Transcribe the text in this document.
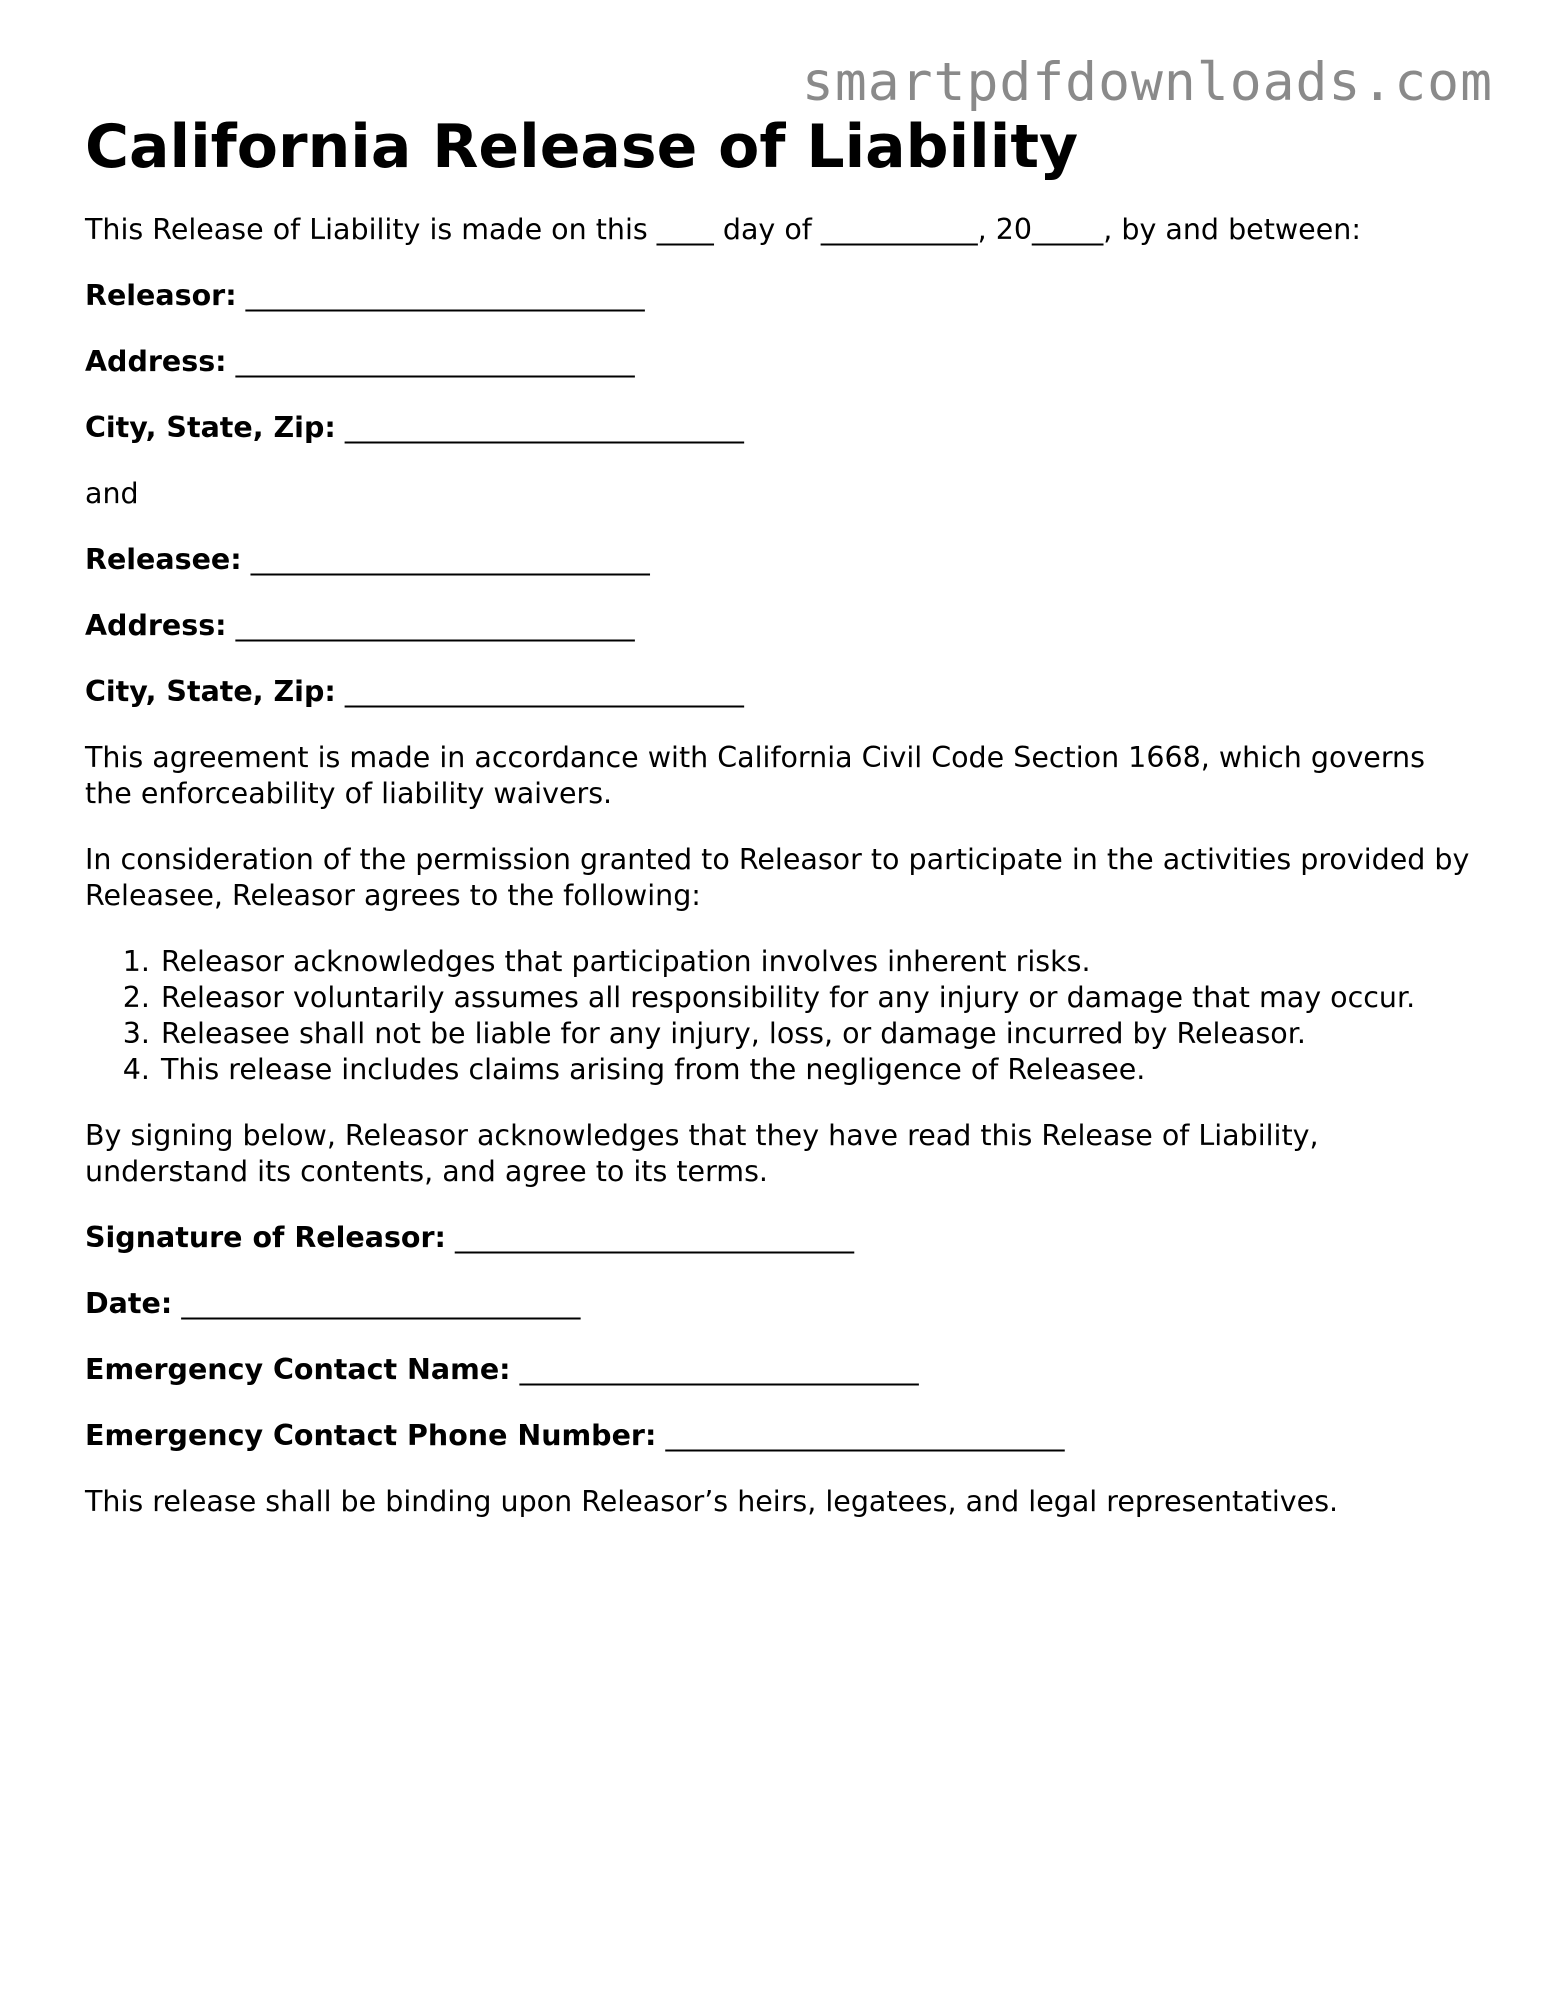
smartpdfdownloads.com
California Release of Liability

This Release of Liability is made on this ____ day of ___________, 20_____, by and between:

Releasor: ____________________________

Address: ____________________________

City, State, Zip: ____________________________

and

Releasee: ____________________________

Address: ____________________________

City, State, Zip: ____________________________

This agreement is made in accordance with California Civil Code Section 1668, which governs the enforceability of liability waivers.

In consideration of the permission granted to Releasor to participate in the activities provided by Releasee, Releasor agrees to the following:

1. Releasor acknowledges that participation involves inherent risks.
2. Releasor voluntarily assumes all responsibility for any injury or damage that may occur.
3. Releasee shall not be liable for any injury, loss, or damage incurred by Releasor.
4. This release includes claims arising from the negligence of Releasee.

By signing below, Releasor acknowledges that they have read this Release of Liability, understand its contents, and agree to its terms.

Signature of Releasor: ____________________________

Date: ____________________________

Emergency Contact Name: ____________________________

Emergency Contact Phone Number: ____________________________

This release shall be binding upon Releasor’s heirs, legatees, and legal representatives.
